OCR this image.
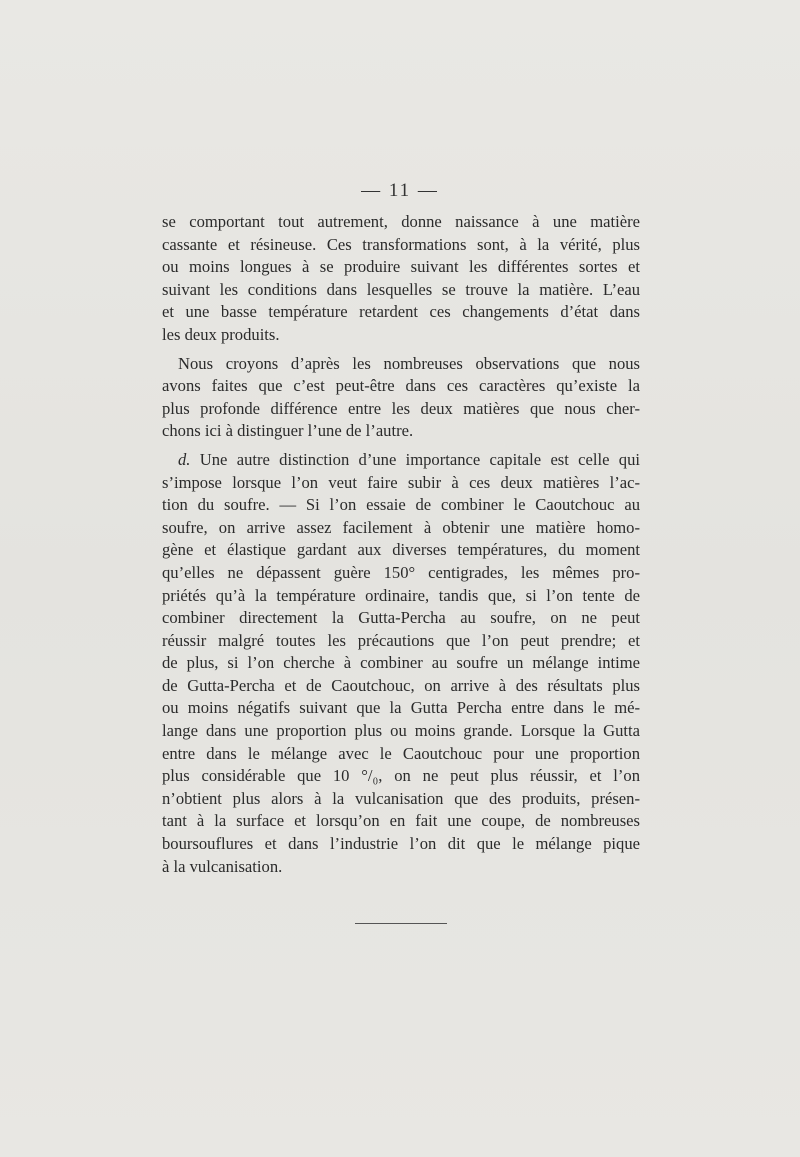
— 11 —

se comportant tout autrement, donne naissance à une matière

cassante et résineuse. Ces transformations sont, à la vérité, plus

ou moins longues à se produire suivant les différentes sortes et

suivant les conditions dans lesquelles se trouve la matière. L’eau

et une basse température retardent ces changements d’état dans

les deux produits.

Nous croyons d’après les nombreuses observations que nous

avons faites que c’est peut-être dans ces caractères qu’existe la

plus profonde différence entre les deux matières que nous cher-

chons ici à distinguer l’une de l’autre.

d. Une autre distinction d’une importance capitale est celle qui

s’impose lorsque l’on veut faire subir à ces deux matières l’ac-

tion du soufre. — Si l’on essaie de combiner le Caoutchouc au

soufre, on arrive assez facilement à obtenir une matière homo-

gène et élastique gardant aux diverses températures, du moment

qu’elles ne dépassent guère 150° centigrades, les mêmes pro-

priétés qu’à la température ordinaire, tandis que, si l’on tente de

combiner directement la Gutta-Percha au soufre, on ne peut

réussir malgré toutes les précautions que l’on peut prendre; et

de plus, si l’on cherche à combiner au soufre un mélange intime

de Gutta-Percha et de Caoutchouc, on arrive à des résultats plus

ou moins négatifs suivant que la Gutta Percha entre dans le mé-

lange dans une proportion plus ou moins grande. Lorsque la Gutta

entre dans le mélange avec le Caoutchouc pour une proportion

plus considérable que 10 °/₀, on ne peut plus réussir, et l’on

n’obtient plus alors à la vulcanisation que des produits, présen-

tant à la surface et lorsqu’on en fait une coupe, de nombreuses

boursouflures et dans l’industrie l’on dit que le mélange pique

à la vulcanisation.
